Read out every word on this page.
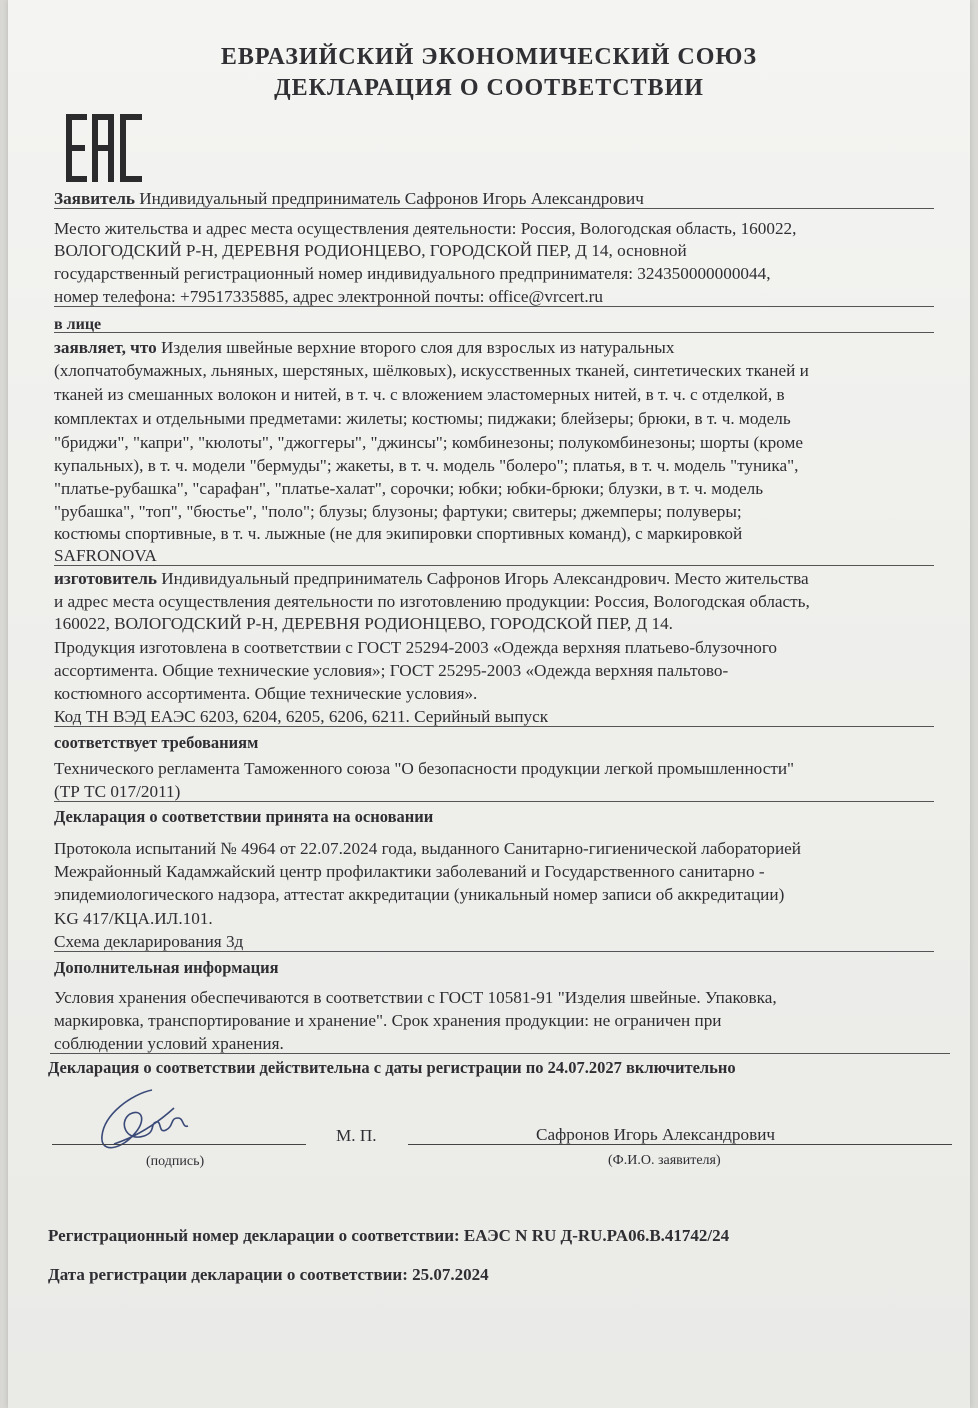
ЕВРАЗИЙСКИЙ ЭКОНОМИЧЕСКИЙ СОЮЗ
ДЕКЛАРАЦИЯ О СООТВЕТСТВИИ
Заявитель Индивидуальный предприниматель Сафронов Игорь Александрович
Место жительства и адрес места осуществления деятельности: Россия, Вологодская область, 160022,
ВОЛОГОДСКИЙ Р-Н, ДЕРЕВНЯ РОДИОНЦЕВО, ГОРОДСКОЙ ПЕР, Д 14, основной
государственный регистрационный номер индивидуального предпринимателя: 324350000000044,
номер телефона: +79517335885, адрес электронной почты: office@vrcert.ru
в лице
заявляет, что Изделия швейные верхние второго слоя для взрослых из натуральных
(хлопчатобумажных, льняных, шерстяных, шёлковых), искусственных тканей, синтетических тканей и
тканей из смешанных волокон и нитей, в т. ч. с вложением эластомерных нитей, в т. ч. с отделкой, в
комплектах и отдельными предметами: жилеты; костюмы; пиджаки; блейзеры; брюки, в т. ч. модель
"бриджи", "капри", "кюлоты", "джоггеры", "джинсы"; комбинезоны; полукомбинезоны; шорты (кроме
купальных), в т. ч. модели "бермуды"; жакеты, в т. ч. модель "болеро"; платья, в т. ч. модель "туника",
"платье-рубашка", "сарафан", "платье-халат", сорочки; юбки; юбки-брюки; блузки, в т. ч. модель
"рубашка", "топ", "бюстье", "поло"; блузы; блузоны; фартуки; свитеры; джемперы; полуверы;
костюмы спортивные, в т. ч. лыжные (не для экипировки спортивных команд), с маркировкой
SAFRONOVA
изготовитель Индивидуальный предприниматель Сафронов Игорь Александрович. Место жительства
и адрес места осуществления деятельности по изготовлению продукции: Россия, Вологодская область,
160022, ВОЛОГОДСКИЙ Р-Н, ДЕРЕВНЯ РОДИОНЦЕВО, ГОРОДСКОЙ ПЕР, Д 14.
Продукция изготовлена в соответствии с ГОСТ 25294-2003 «Одежда верхняя платьево-блузочного
ассортимента. Общие технические условия»; ГОСТ 25295-2003 «Одежда верхняя пальтово-
костюмного ассортимента. Общие технические условия».
Код ТН ВЭД ЕАЭС 6203, 6204, 6205, 6206, 6211. Серийный выпуск
соответствует требованиям
Технического регламента Таможенного союза "О безопасности продукции легкой промышленности"
(ТР ТС 017/2011)
Декларация о соответствии принята на основании
Протокола испытаний № 4964 от 22.07.2024 года, выданного Санитарно-гигиенической лабораторией
Межрайонный Кадамжайский центр профилактики заболеваний и Государственного санитарно -
эпидемиологического надзора, аттестат аккредитации (уникальный номер записи об аккредитации)
KG 417/КЦА.ИЛ.101.
Схема декларирования 3д
Дополнительная информация
Условия хранения обеспечиваются в соответствии с ГОСТ 10581-91 "Изделия швейные. Упаковка,
маркировка, транспортирование и хранение". Срок хранения продукции: не ограничен при
соблюдении условий хранения.
Декларация о соответствии действительна с даты регистрации по 24.07.2027 включительно
(подпись)
М. П.	Сафронов Игорь Александрович
(Ф.И.О. заявителя)
Регистрационный номер декларации о соответствии: ЕАЭС N RU Д-RU.PA06.B.41742/24
Дата регистрации декларации о соответствии: 25.07.2024
